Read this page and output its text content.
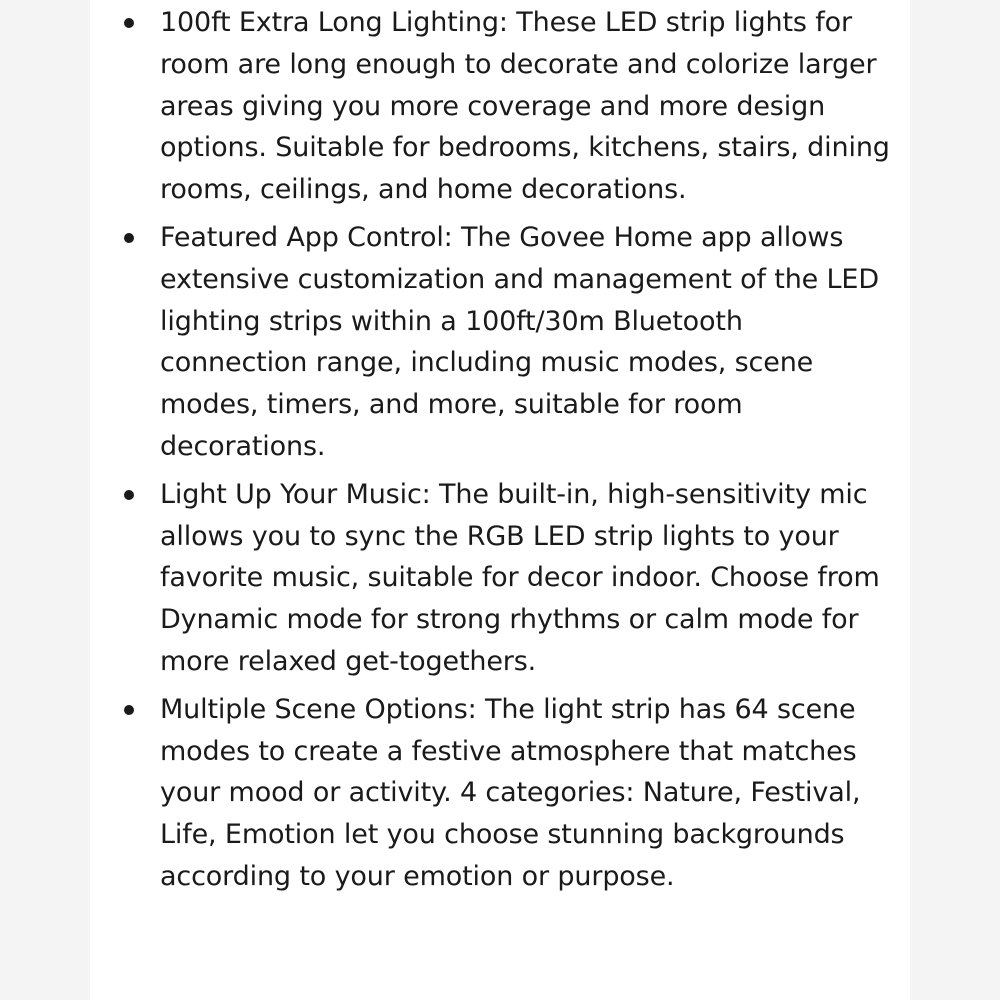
100ft Extra Long Lighting: These LED strip lights for room are long enough to decorate and colorize larger areas giving you more coverage and more design options. Suitable for bedrooms, kitchens, stairs, dining rooms, ceilings, and home decorations.
Featured App Control: The Govee Home app allows extensive customization and management of the LED lighting strips within a 100ft/30m Bluetooth connection range, including music modes, scene modes, timers, and more, suitable for room decorations.
Light Up Your Music: The built-in, high-sensitivity mic allows you to sync the RGB LED strip lights to your favorite music, suitable for decor indoor. Choose from Dynamic mode for strong rhythms or calm mode for more relaxed get-togethers.
Multiple Scene Options: The light strip has 64 scene modes to create a festive atmosphere that matches your mood or activity. 4 categories: Nature, Festival, Life, Emotion let you choose stunning backgrounds according to your emotion or purpose.
